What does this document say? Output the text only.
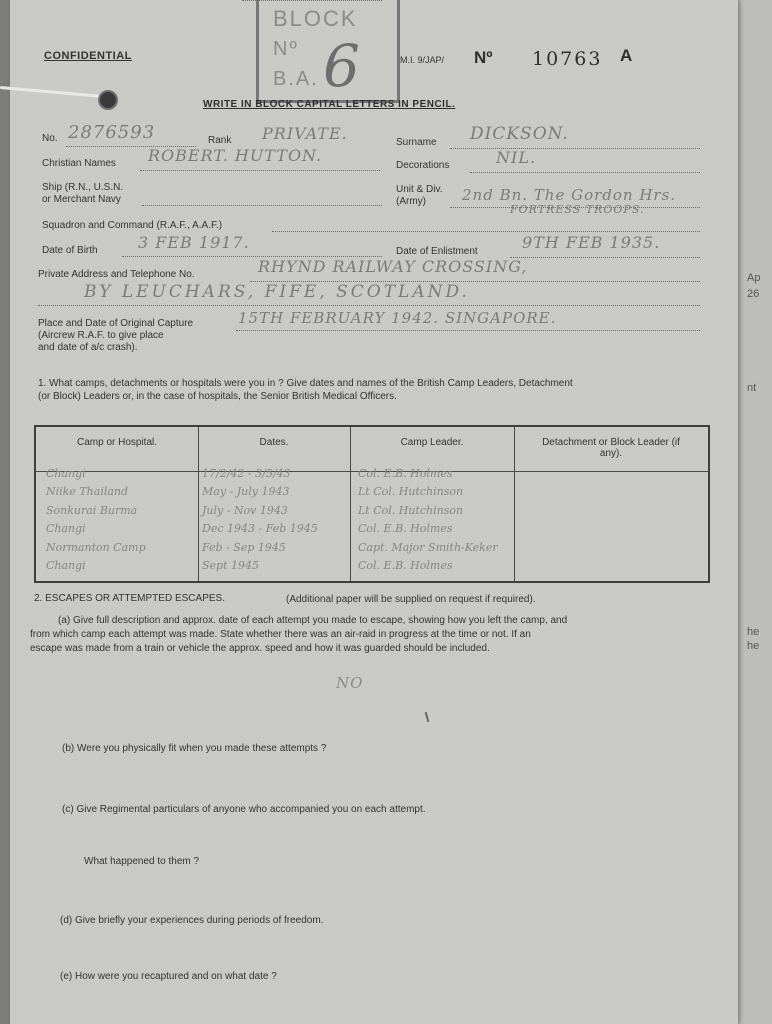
Ap
26
nt
he
he
CONFIDENTIAL
BLOCK
Nº
B.A. 6	M.I. 9/JAP/ Nº 10763 A
WRITE IN BLOCK CAPITAL LETTERS IN PENCIL.
No. 2876593	Rank PRIVATE.	Surname DICKSON.
Christian Names ROBERT. HUTTON.
Decorations	NIL.
Ship (R.N., U.S.N.
or Merchant Navy
Unit & Div.
(Army) 2nd Bn. The Gordon Hrs.
FORTRESS TROOPS.
Squadron and Command (R.A.F., A.A.F.)
Date of Birth	3 FEB 1917.	Date of Enlistment	9TH FEB 1935.
Private Address and Telephone No.	RHYND RAILWAY CROSSING,
BY LEUCHARS, FIFE, SCOTLAND.
Place and Date of Original Capture
(Aircrew R.A.F. to give place
and date of a/c crash).
15TH FEBRUARY 1942. SINGAPORE.
1. What camps, detachments or hospitals were you in ? Give dates and names of the British Camp Leaders, Detachment
(or Block) Leaders or, in the case of hospitals, the Senior British Medical Officers.
Camp or Hospital.	Dates.	Camp Leader.	Detachment or Block Leader (if any).
Changi	17/2/42 - 3/5/43	Col. E.B. Holmes
Niike Thailand	May - July 1943	Lt Col. Hutchinson
Sonkurai Burma	July - Nov 1943	Lt Col. Hutchinson
Changi	Dec 1943 - Feb 1945	Col. E.B. Holmes
Normanton Camp	Feb - Sep 1945	Capt. Major Smith-Keker
Changi	Sept 1945	Col. E.B. Holmes
2. ESCAPES OR ATTEMPTED ESCAPES.	(Additional paper will be supplied on request if required).
(a) Give full description and approx. date of each attempt you made to escape, showing how you left the camp, and
from which camp each attempt was made. State whether there was an air-raid in progress at the time or not. If an
escape was made from a train or vehicle the approx. speed and how it was guarded should be included.
NO
(b) Were you physically fit when you made these attempts ?
(c) Give Regimental particulars of anyone who accompanied you on each attempt.
What happened to them ?
(d) Give briefly your experiences during periods of freedom.
(e) How were you recaptured and on what date ?
